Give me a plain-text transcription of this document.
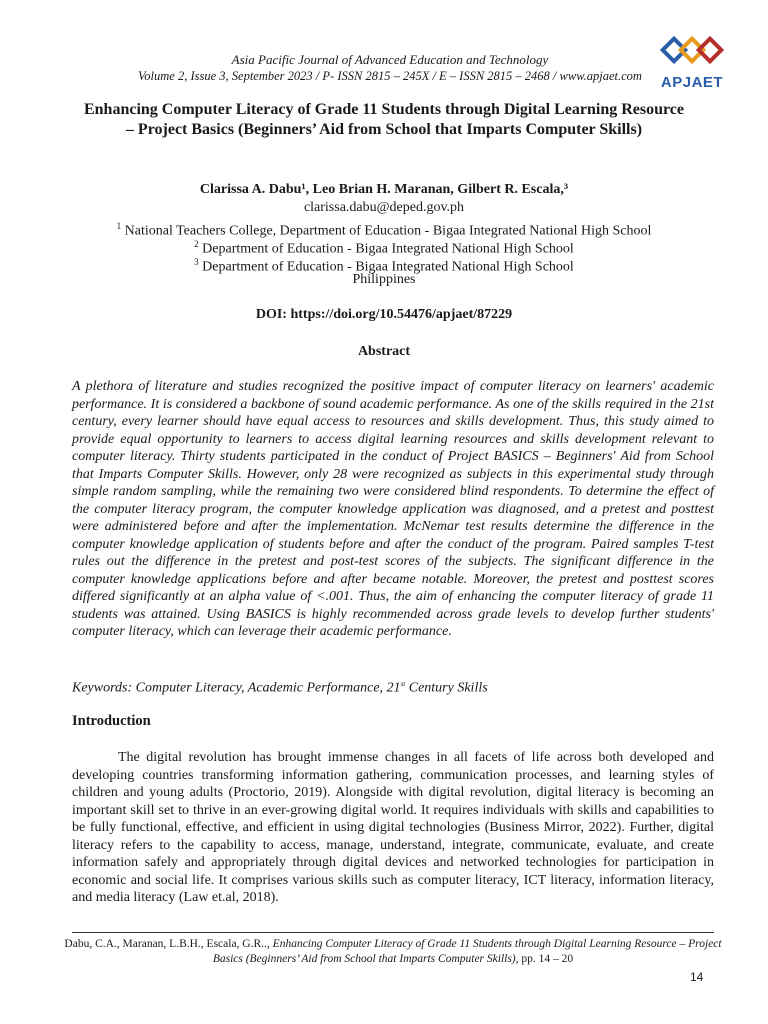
Asia Pacific Journal of Advanced Education and Technology
Volume 2, Issue 3, September 2023 / P- ISSN 2815 – 245X / E – ISSN 2815 – 2468 / www.apjaet.com	APJAET
Enhancing Computer Literacy of Grade 11 Students through Digital Learning Resource – Project Basics (Beginners’ Aid from School that Imparts Computer Skills)
Clarissa A. Dabu¹, Leo Brian H. Maranan, Gilbert R. Escala,³
clarissa.dabu@deped.gov.ph
$^1$ National Teachers College, Department of Education - Bigaa Integrated National High School
$^2$ Department of Education - Bigaa Integrated National High School
$^3$ Department of Education - Bigaa Integrated National High School
Philippines
DOI: https://doi.org/10.54476/apjaet/87229
Abstract
A plethora of literature and studies recognized the positive impact of computer literacy on learners' academic performance. It is considered a backbone of sound academic performance. As one of the skills required in the 21st century, every learner should have equal access to resources and skills development. Thus, this study aimed to provide equal opportunity to learners to access digital learning resources and skills development relevant to computer literacy. Thirty students participated in the conduct of Project BASICS – Beginners' Aid from School that Imparts Computer Skills. However, only 28 were recognized as subjects in this experimental study through simple random sampling, while the remaining two were considered blind respondents. To determine the effect of the computer literacy program, the computer knowledge application was diagnosed, and a pretest and posttest were administered before and after the implementation. McNemar test results determine the difference in the computer knowledge application of students before and after the conduct of the program. Paired samples T-test rules out the difference in the pretest and post-test scores of the subjects. The significant difference in the computer knowledge applications before and after became notable. Moreover, the pretest and posttest scores differed significantly at an alpha value of <.001. Thus, the aim of enhancing the computer literacy of grade 11 students was attained. Using BASICS is highly recommended across grade levels to develop further students' computer literacy, which can leverage their academic performance.
Keywords: Computer Literacy, Academic Performance, 21st Century Skills
Introduction
The digital revolution has brought immense changes in all facets of life across both developed and developing countries transforming information gathering, communication processes, and learning styles of children and young adults (Proctorio, 2019). Alongside with digital revolution, digital literacy is becoming an important skill set to thrive in an ever-growing digital world. It requires individuals with skills and capabilities to be fully functional, effective, and efficient in using digital technologies (Business Mirror, 2022). Further, digital literacy refers to the capability to access, manage, understand, integrate, communicate, evaluate, and create information safely and appropriately through digital devices and networked technologies for participation in economic and social life. It comprises various skills such as computer literacy, ICT literacy, information literacy, and media literacy (Law et.al, 2018).
Dabu, C.A., Maranan, L.B.H., Escala, G.R.., Enhancing Computer Literacy of Grade 11 Students through Digital Learning Resource – Project Basics (Beginners’ Aid from School that Imparts Computer Skills), pp. 14 – 20
14
